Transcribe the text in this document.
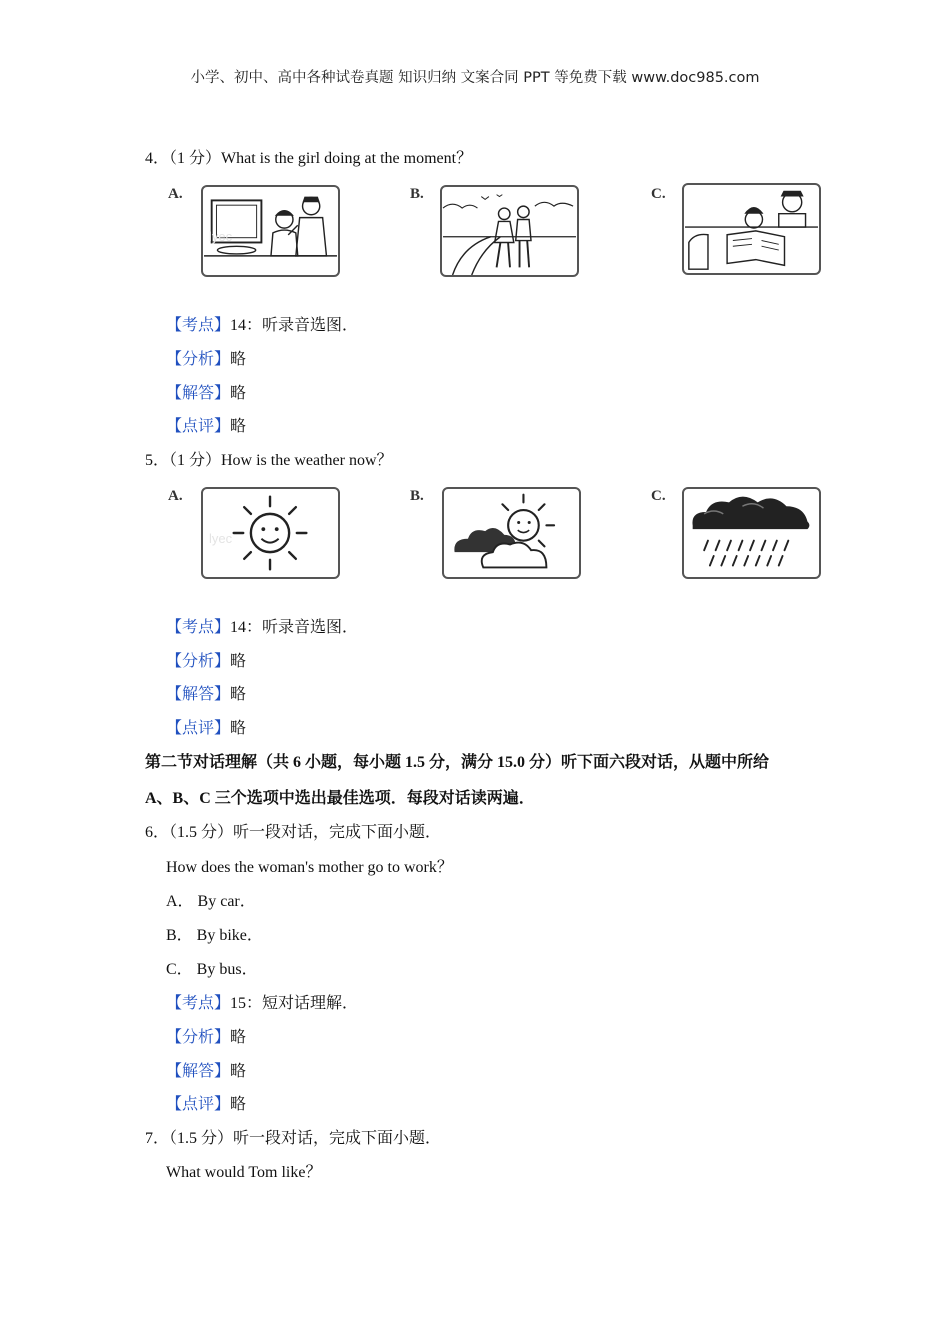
小学、初中、高中各种试卷真题 知识归纳 文案合同 PPT 等免费下载 www.doc985.com
4．（1 分）What is the girl doing at the moment？
A.
lyec
B.	C.
【考点】14：听录音选图．
【分析】略
【解答】略
【点评】略
5．（1 分）How is the weather now？
A.
lyec
B.	C.
【考点】14：听录音选图．
【分析】略
【解答】略
【点评】略
第二节对话理解（共 6 小题，每小题 1.5 分，满分 15.0 分）听下面六段对话，从题中所给
A、B、C 三个选项中选出最佳选项．每段对话读两遍．
6．（1.5 分）听一段对话，完成下面小题．
How does the woman's mother go to work？
A． By car．
B． By bike．
C． By bus．
【考点】15：短对话理解．
【分析】略
【解答】略
【点评】略
7．（1.5 分）听一段对话，完成下面小题．
What would Tom like？
